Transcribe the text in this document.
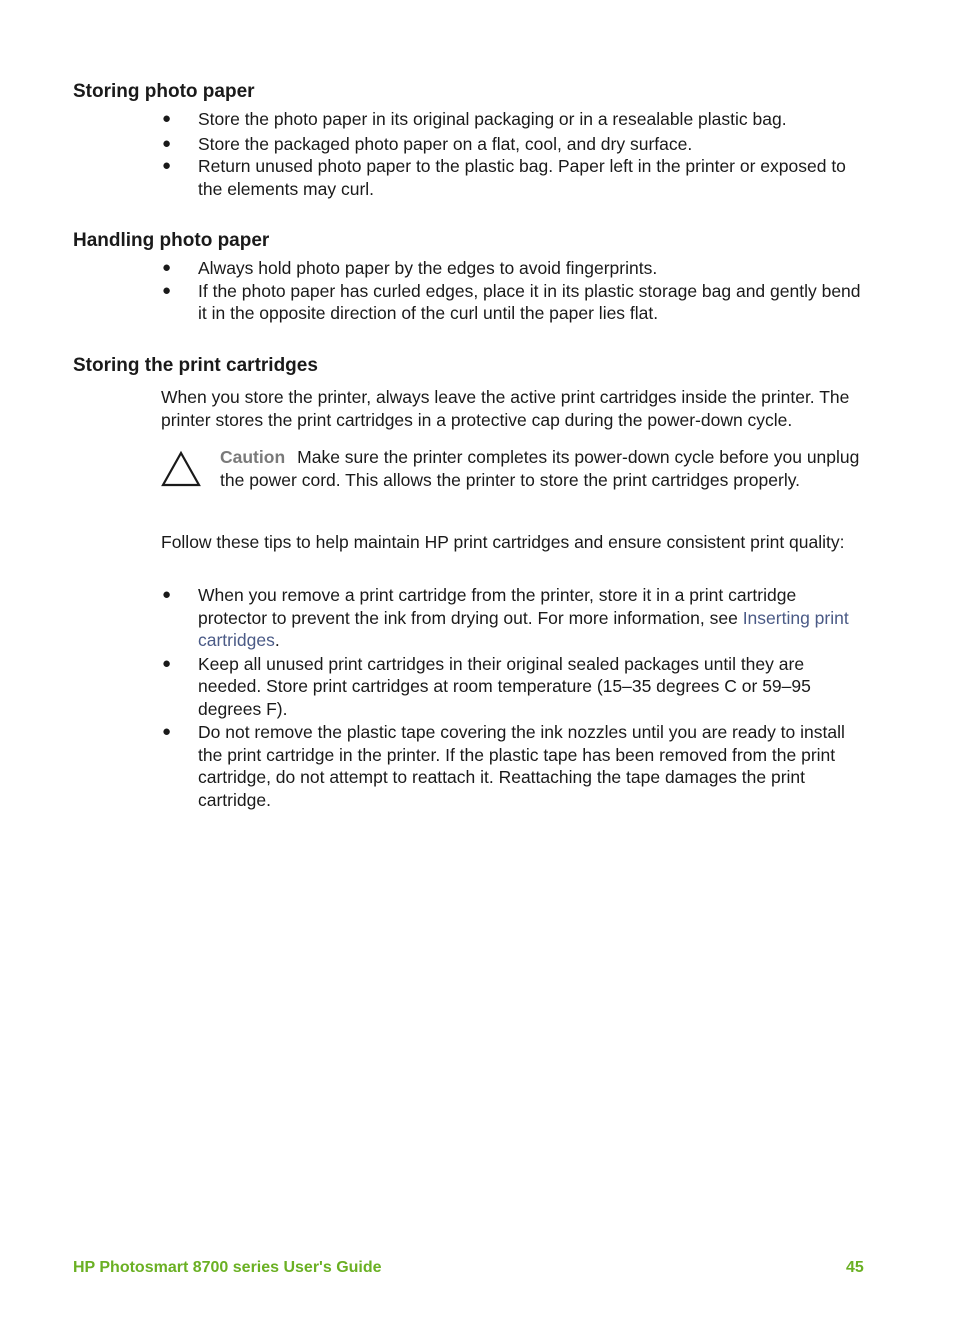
Storing photo paper
● Store the photo paper in its original packaging or in a resealable plastic bag.
● Store the packaged photo paper on a flat, cool, and dry surface.
● Return unused photo paper to the plastic bag. Paper left in the printer or exposed to the elements may curl.
Handling photo paper
● Always hold photo paper by the edges to avoid fingerprints.
● If the photo paper has curled edges, place it in its plastic storage bag and gently bend it in the opposite direction of the curl until the paper lies flat.
Storing the print cartridges

When you store the printer, always leave the active print cartridges inside the printer. The printer stores the print cartridges in a protective cap during the power-down cycle.

Caution Make sure the printer completes its power-down cycle before you unplug the power cord. This allows the printer to store the print cartridges properly.

Follow these tips to help maintain HP print cartridges and ensure consistent print quality:

● When you remove a print cartridge from the printer, store it in a print cartridge protector to prevent the ink from drying out. For more information, see Inserting print cartridges.
● Keep all unused print cartridges in their original sealed packages until they are needed. Store print cartridges at room temperature (15–35 degrees C or 59–95 degrees F).
● Do not remove the plastic tape covering the ink nozzles until you are ready to install the print cartridge in the printer. If the plastic tape has been removed from the print cartridge, do not attempt to reattach it. Reattaching the tape damages the print cartridge.
HP Photosmart 8700 series User's Guide	45
